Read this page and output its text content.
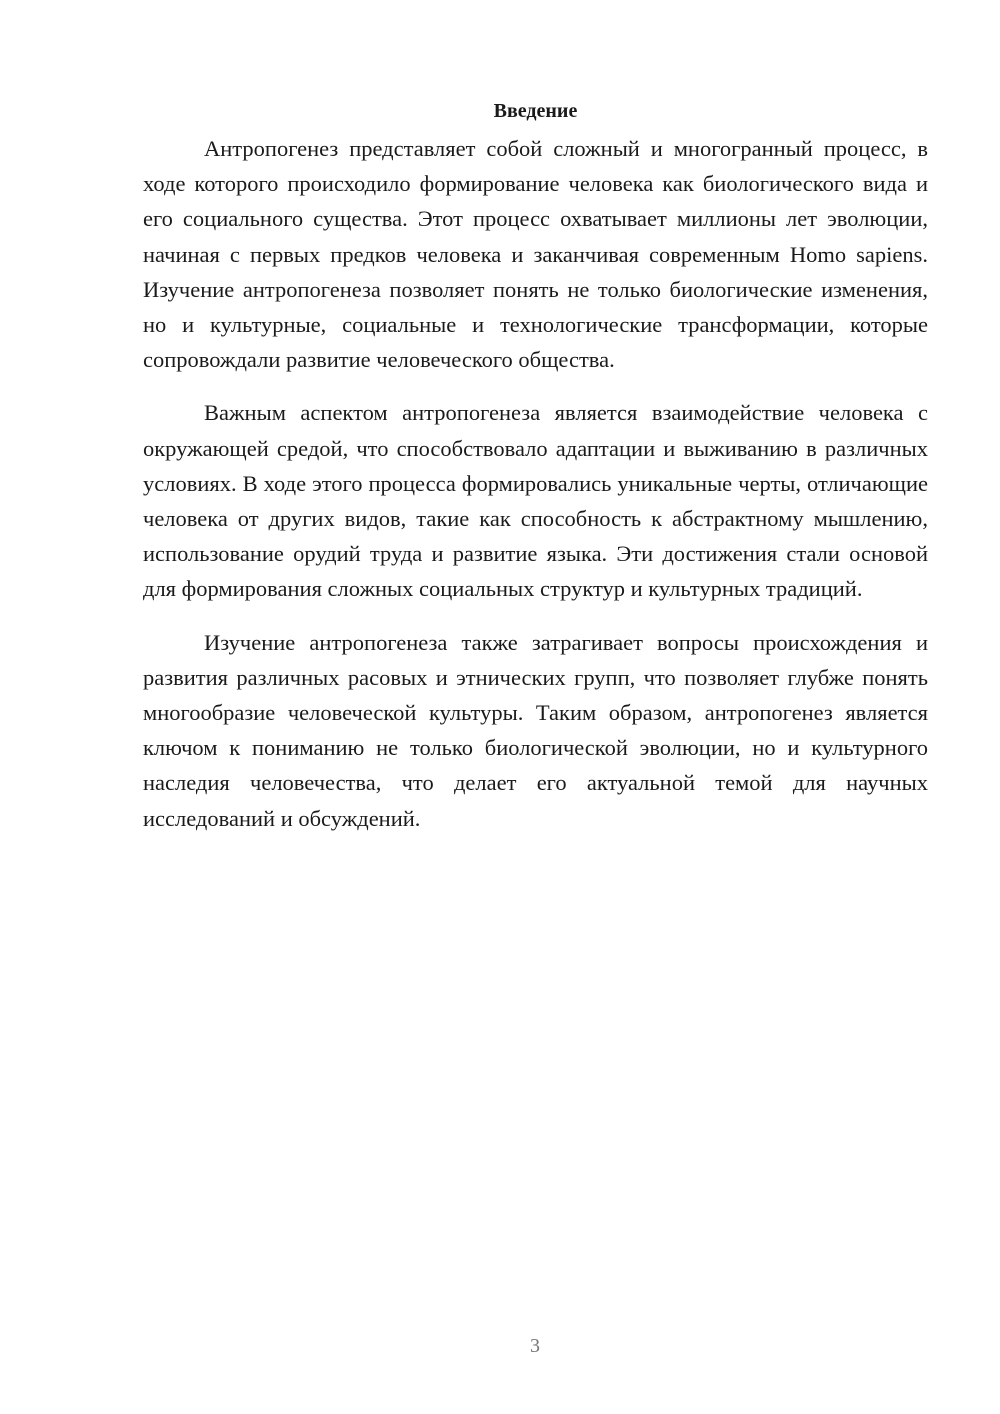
Введение

Антропогенез представляет собой сложный и многогранный процесс, в ходе которого происходило формирование человека как биологического вида и его социального существа. Этот процесс охватывает миллионы лет эволюции, начиная с первых предков человека и заканчивая современным Homo sapiens. Изучение антропогенеза позволяет понять не только биологические изменения, но и культурные, социальные и технологические трансформации, которые сопровождали развитие человеческого общества.

Важным аспектом антропогенеза является взаимодействие человека с окружающей средой, что способствовало адаптации и выживанию в различных условиях. В ходе этого процесса формировались уникальные черты, отличающие человека от других видов, такие как способность к абстрактному мышлению, использование орудий труда и развитие языка. Эти достижения стали основой для формирования сложных социальных структур и культурных традиций.

Изучение антропогенеза также затрагивает вопросы происхождения и развития различных расовых и этнических групп, что позволяет глубже понять многообразие человеческой культуры. Таким образом, антропогенез является ключом к пониманию не только биологической эволюции, но и культурного наследия человечества, что делает его актуальной темой для научных исследований и обсуждений.

3
